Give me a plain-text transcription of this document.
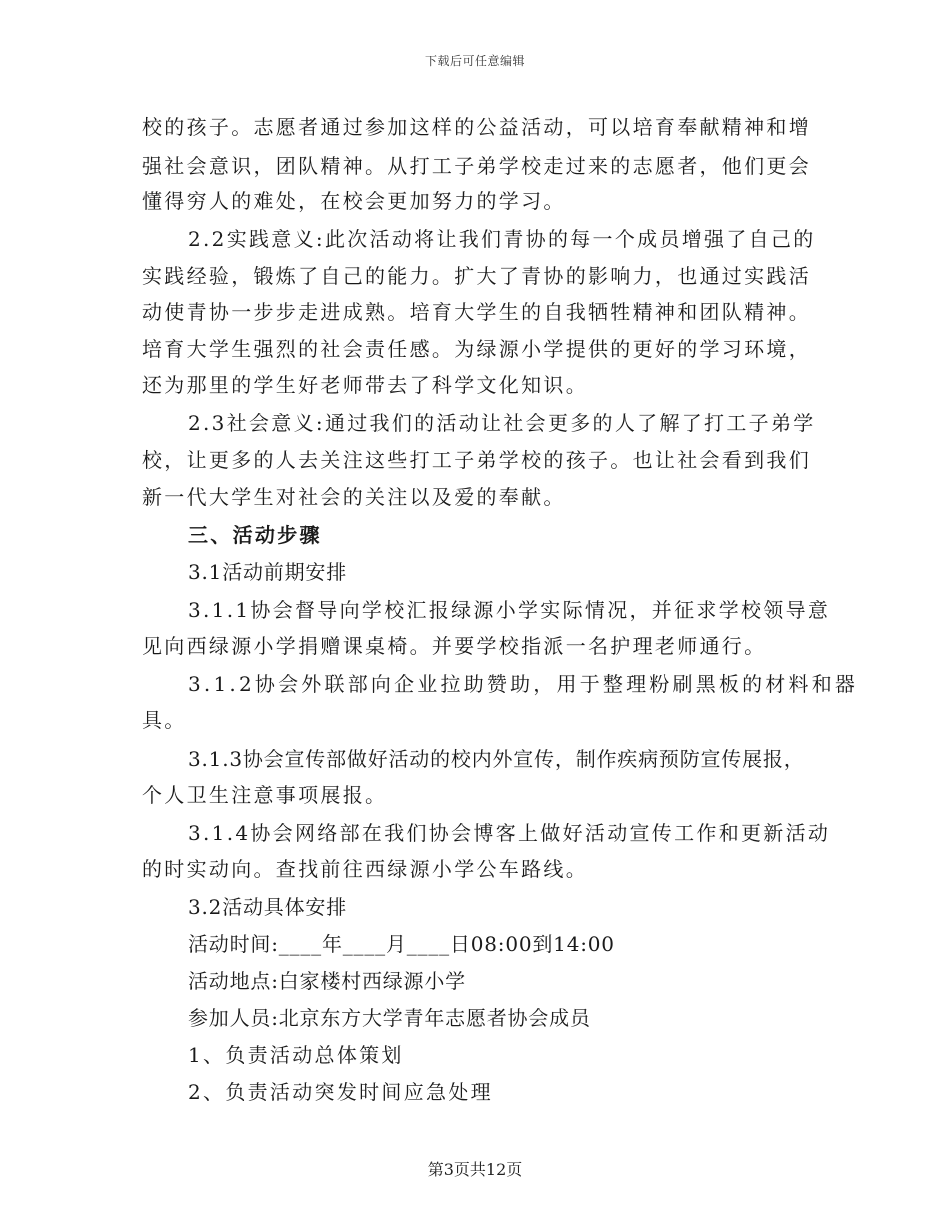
下载后可任意编辑
校的孩子。志愿者通过参加这样的公益活动，可以培育奉献精神和增
强社会意识，团队精神。从打工子弟学校走过来的志愿者，他们更会
懂得穷人的难处，在校会更加努力的学习。
2.2实践意义:此次活动将让我们青协的每一个成员增强了自己的
实践经验，锻炼了自己的能力。扩大了青协的影响力，也通过实践活
动使青协一步步走进成熟。培育大学生的自我牺牲精神和团队精神。
培育大学生强烈的社会责任感。为绿源小学提供的更好的学习环境，
还为那里的学生好老师带去了科学文化知识。
2.3社会意义:通过我们的活动让社会更多的人了解了打工子弟学
校，让更多的人去关注这些打工子弟学校的孩子。也让社会看到我们
新一代大学生对社会的关注以及爱的奉献。
三、活动步骤
3.1活动前期安排
3.1.1协会督导向学校汇报绿源小学实际情况，并征求学校领导意
见向西绿源小学捐赠课桌椅。并要学校指派一名护理老师通行。
3.1.2协会外联部向企业拉助赞助，用于整理粉刷黑板的材料和器
具。
3.1.3协会宣传部做好活动的校内外宣传，制作疾病预防宣传展报，
个人卫生注意事项展报。
3.1.4协会网络部在我们协会博客上做好活动宣传工作和更新活动
的时实动向。查找前往西绿源小学公车路线。
3.2活动具体安排
活动时间:____年____月____日08:00到14:00
活动地点:白家楼村西绿源小学
参加人员:北京东方大学青年志愿者协会成员
1、负责活动总体策划
2、负责活动突发时间应急处理
第3页共12页
